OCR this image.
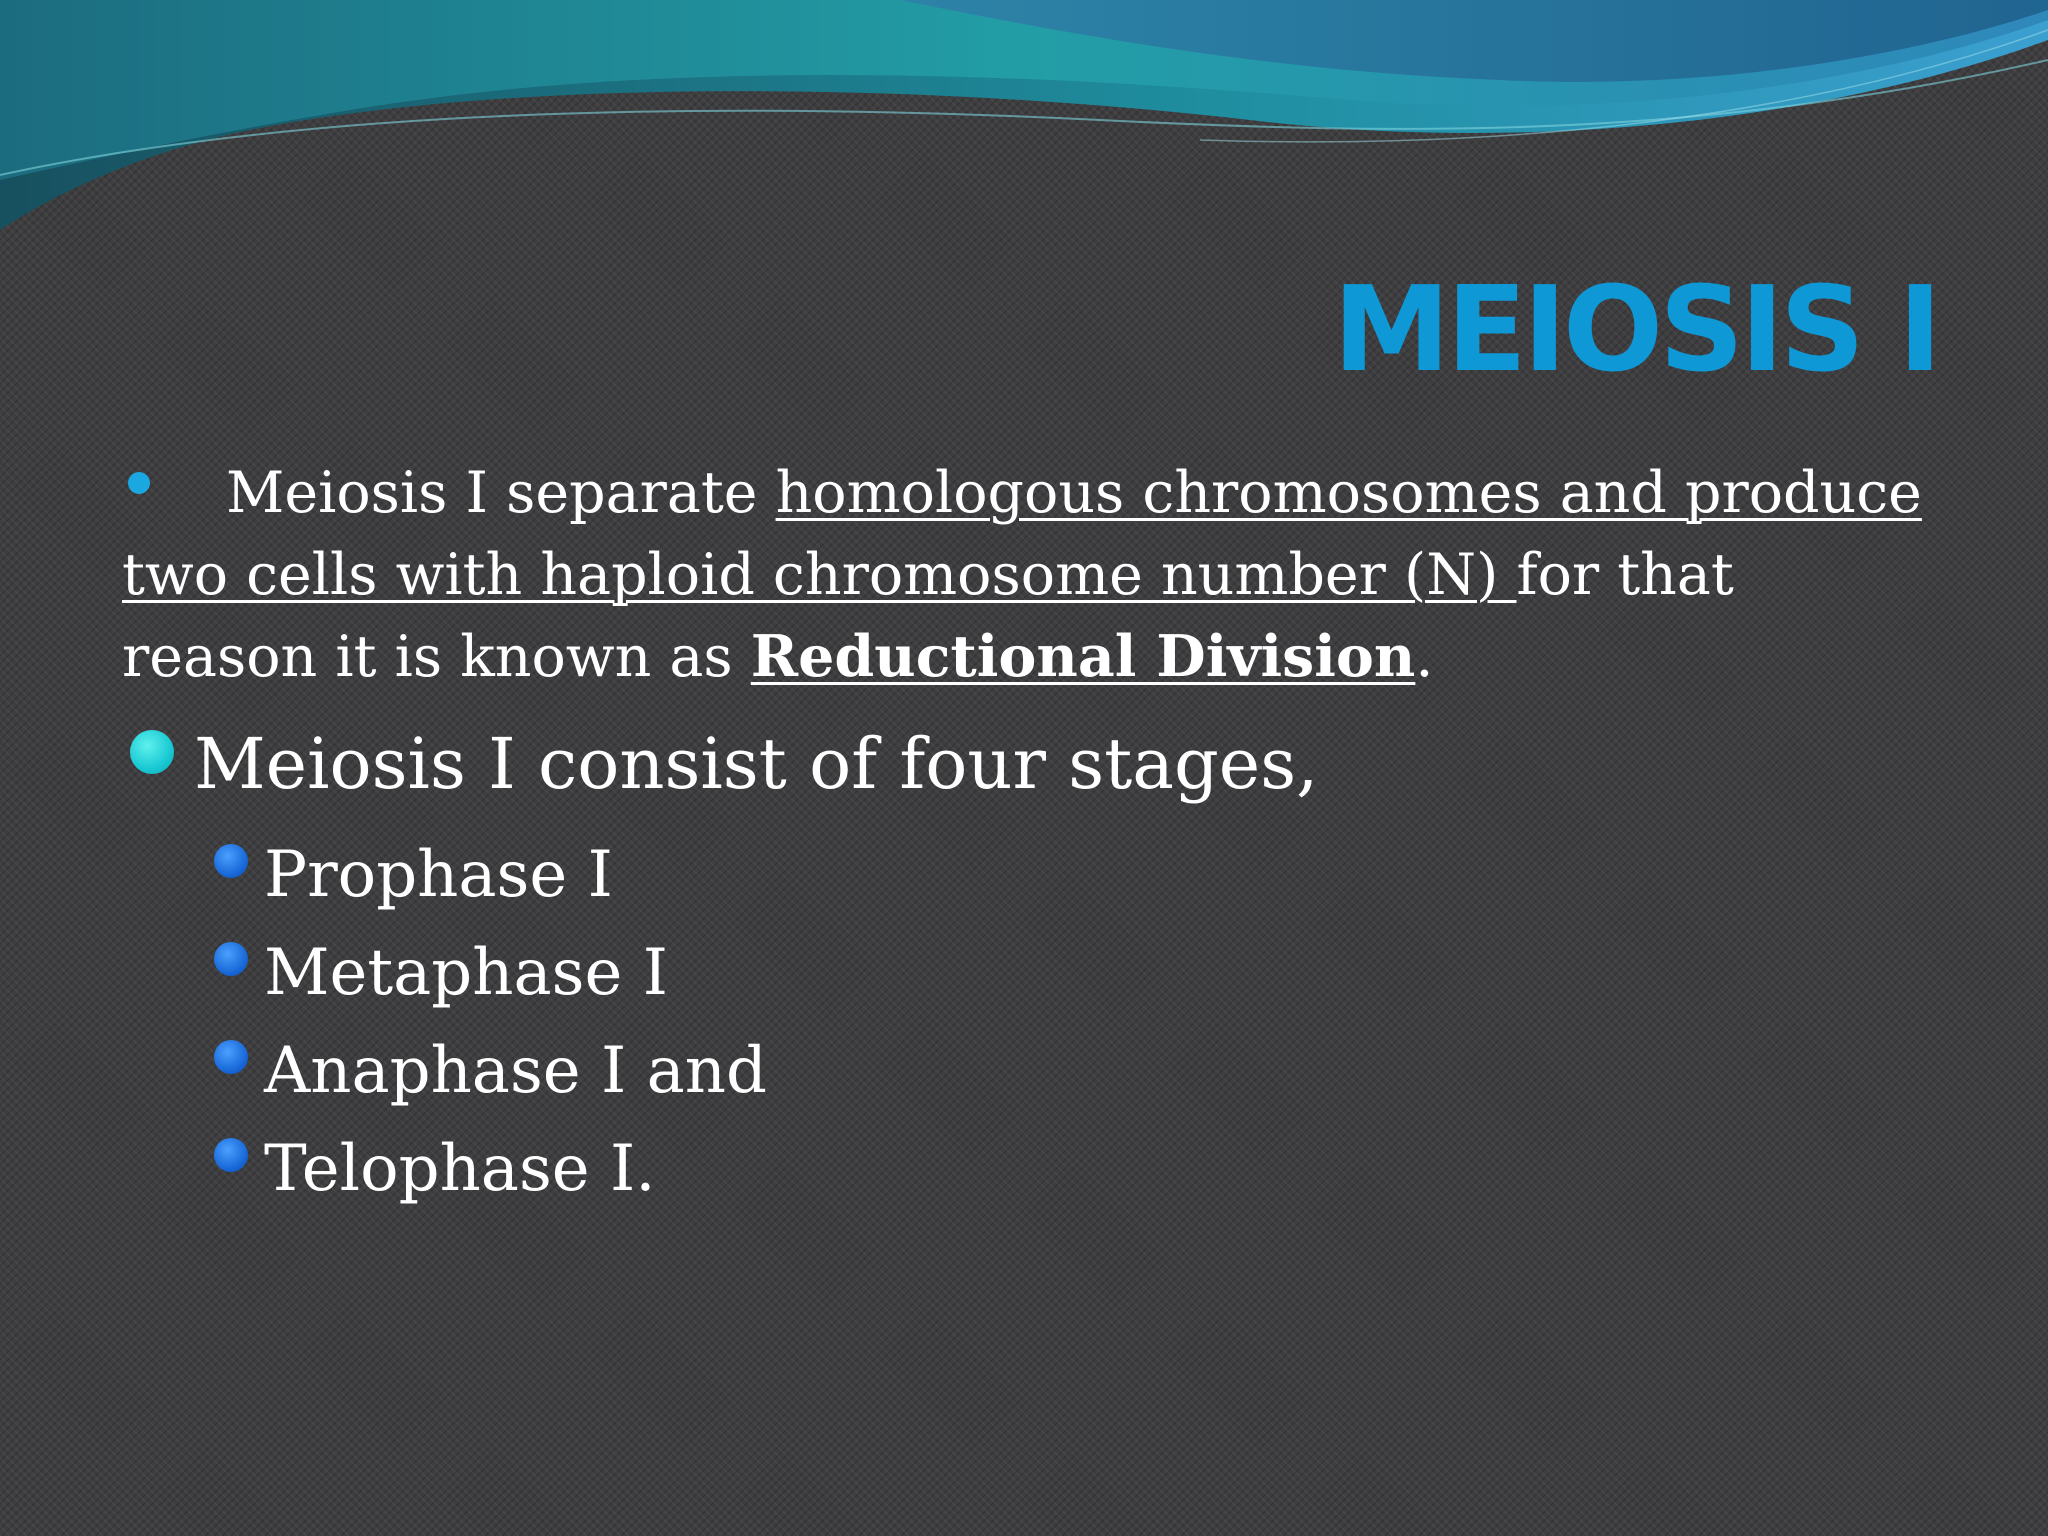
MEIOSIS I

Meiosis I separate homologous chromosomes and produce two cells with haploid chromosome number (N) for that reason it is known as Reductional Division.

Meiosis I consist of four stages,

Prophase I
Metaphase I
Anaphase I and
Telophase I.
